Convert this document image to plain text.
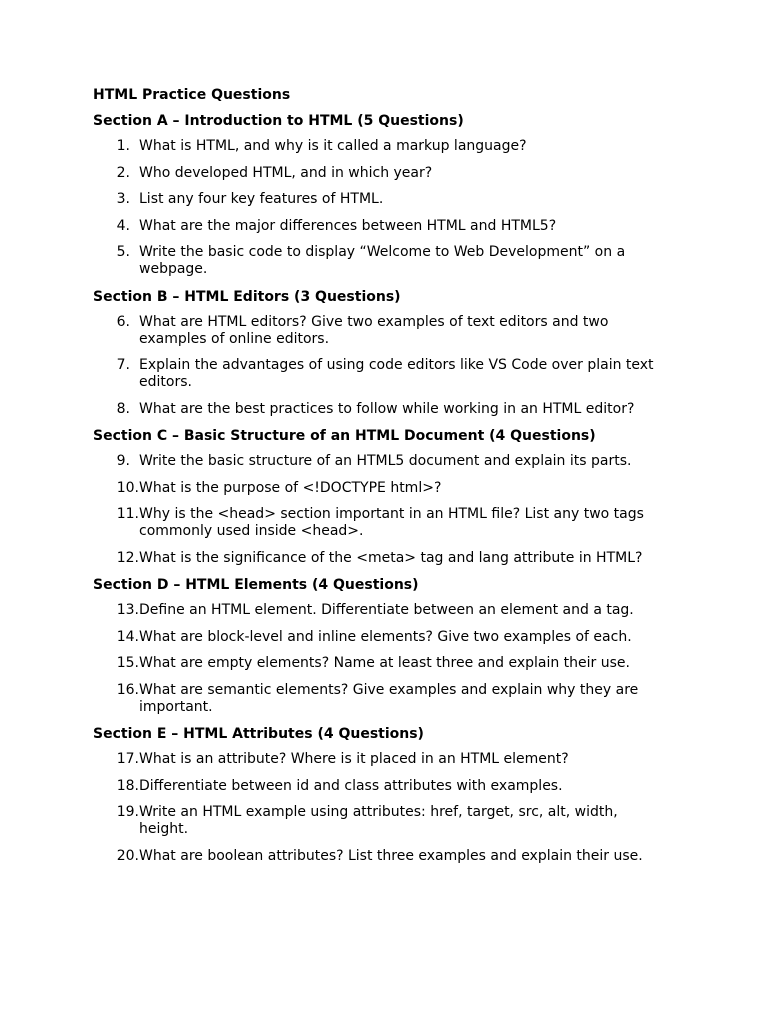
HTML Practice Questions
Section A – Introduction to HTML (5 Questions)
1. What is HTML, and why is it called a markup language?
2. Who developed HTML, and in which year?
3. List any four key features of HTML.
4. What are the major differences between HTML and HTML5?
5. Write the basic code to display “Welcome to Web Development” on a webpage.
Section B – HTML Editors (3 Questions)
6. What are HTML editors? Give two examples of text editors and two examples of online editors.
7. Explain the advantages of using code editors like VS Code over plain text editors.
8. What are the best practices to follow while working in an HTML editor?
Section C – Basic Structure of an HTML Document (4 Questions)
9. Write the basic structure of an HTML5 document and explain its parts.
10. What is the purpose of <!DOCTYPE html>?
11. Why is the <head> section important in an HTML file? List any two tags commonly used inside <head>.
12. What is the significance of the <meta> tag and lang attribute in HTML?
Section D – HTML Elements (4 Questions)
13. Define an HTML element. Differentiate between an element and a tag.
14. What are block-level and inline elements? Give two examples of each.
15. What are empty elements? Name at least three and explain their use.
16. What are semantic elements? Give examples and explain why they are important.
Section E – HTML Attributes (4 Questions)
17. What is an attribute? Where is it placed in an HTML element?
18. Differentiate between id and class attributes with examples.
19. Write an HTML example using attributes: href, target, src, alt, width, height.
20. What are boolean attributes? List three examples and explain their use.
